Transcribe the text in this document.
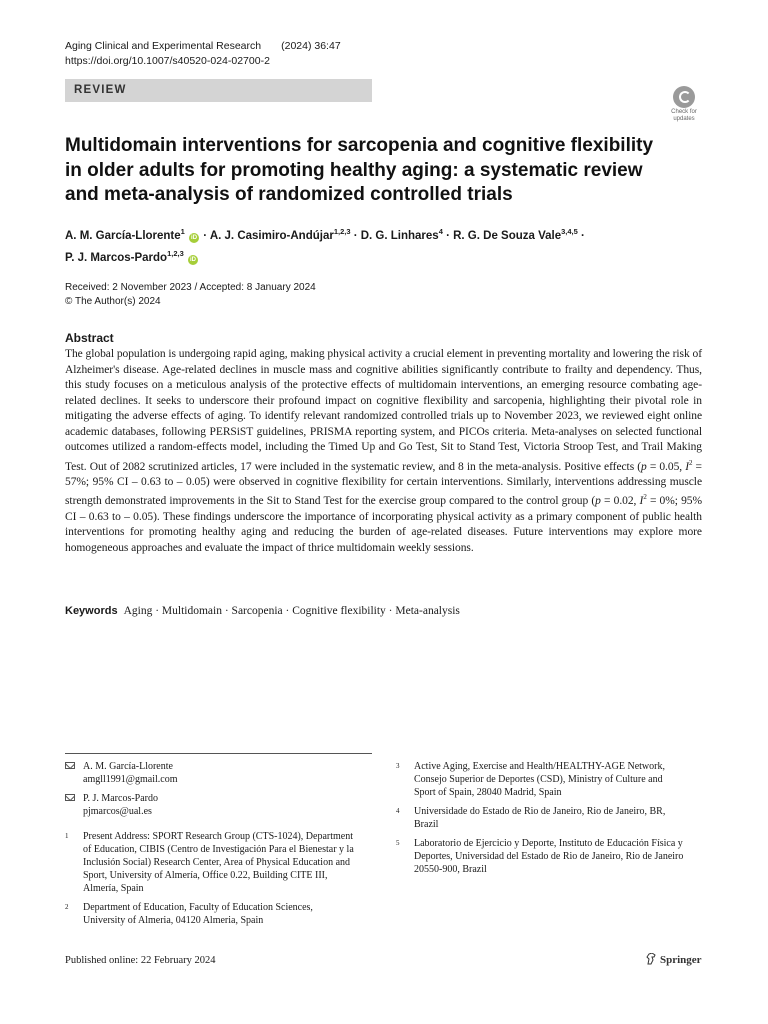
Aging Clinical and Experimental Research (2024) 36:47
https://doi.org/10.1007/s40520-024-02700-2
REVIEW
Check for
updates
Multidomain interventions for sarcopenia and cognitive flexibility in older adults for promoting healthy aging: a systematic review and meta-analysis of randomized controlled trials
A. M. García-Llorente$^1$ iD · A. J. Casimiro-Andújar$^{1,2,3}$ · D. G. Linhares$^4$ · R. G. De Souza Vale$^{3,4,5}$ ·
P. J. Marcos-Pardo$^{1,2,3}$ iD
Received: 2 November 2023 / Accepted: 8 January 2024
© The Author(s) 2024
Abstract
The global population is undergoing rapid aging, making physical activity a crucial element in preventing mortality and lowering the risk of Alzheimer's disease. Age-related declines in muscle mass and cognitive abilities significantly contribute to frailty and dependency. Thus, this study focuses on a meticulous analysis of the protective effects of multidomain interventions, an emerging resource combating age-related declines. It seeks to underscore their profound impact on cognitive flexibility and sarcopenia, highlighting their pivotal role in mitigating the adverse effects of aging. To identify relevant randomized controlled trials up to November 2023, we reviewed eight online academic databases, following PERSiST guidelines, PRISMA reporting system, and PICOs criteria. Meta-analyses on selected functional outcomes utilized a random-effects model, including the Timed Up and Go Test, Sit to Stand Test, Victoria Stroop Test, and Trail Making Test. Out of 2082 scrutinized articles, 17 were included in the systematic review, and 8 in the meta-analysis. Positive effects (p = 0.05, $I^2 = 57\%$; 95% CI – 0.63 to – 0.05) were observed in cognitive flexibility for certain interventions. Similarly, interventions addressing muscle strength demonstrated improvements in the Sit to Stand Test for the exercise group compared to the control group (p = 0.02, $I^2 = 0\%$; 95% CI – 0.63 to – 0.05). These findings underscore the importance of incorporating physical activity as a primary component of public health interventions for promoting healthy aging and reducing the burden of age-related diseases. Future interventions may explore more homogeneous approaches and evaluate the impact of thrice multidomain weekly sessions.
Keywords Aging · Multidomain · Sarcopenia · Cognitive flexibility · Meta-analysis
A. M. García-Llorente
amgll1991@gmail.com
P. J. Marcos-Pardo
pjmarcos@ual.es
1 Present Address: SPORT Research Group (CTS-1024), Department of Education, CIBIS (Centro de Investigación Para el Bienestar y la Inclusión Social) Research Center, Area of Physical Education and Sport, University of Almería, Office 0.22, Building CITE III, Almería, Spain
2 Department of Education, Faculty of Education Sciences, University of Almeria, 04120 Almeria, Spain
3 Active Aging, Exercise and Health/HEALTHY-AGE Network, Consejo Superior de Deportes (CSD), Ministry of Culture and Sport of Spain, 28040 Madrid, Spain
4 Universidade do Estado de Rio de Janeiro, Rio de Janeiro, BR, Brazil
5 Laboratorio de Ejercicio y Deporte, Instituto de Educación Física y Deportes, Universidad del Estado de Rio de Janeiro, Rio de Janeiro 20550-900, Brazil
Published online: 22 February 2024	Springer
